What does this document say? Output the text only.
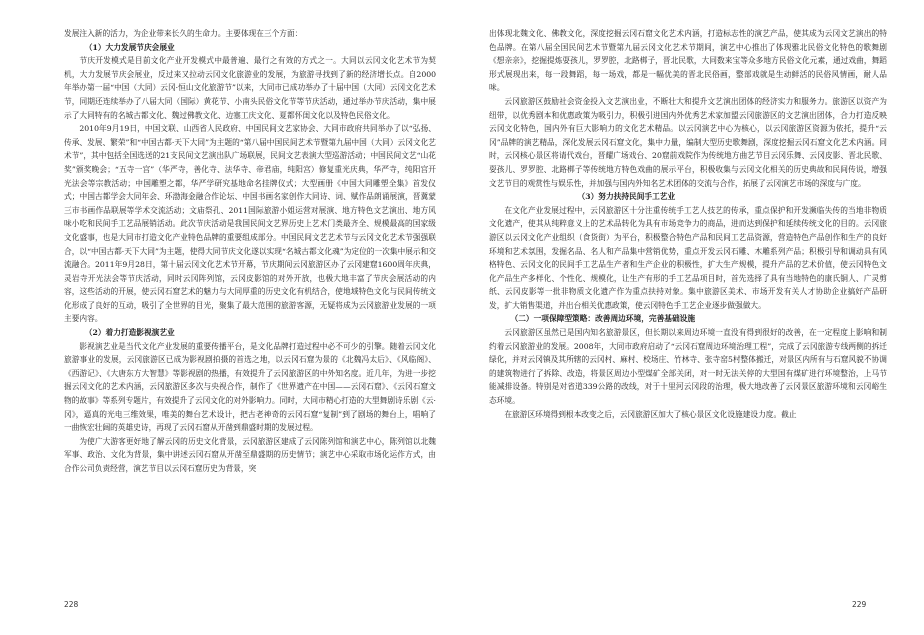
发展注入新的活力，为企业带来长久的生命力。主要体现在三个方面：

（1）大力发展节庆会展业

节庆开发模式是目前文化产业开发模式中最普遍、最行之有效的方式之一。大同以云冈文化艺术节为契机，大力发展节庆会展业，反过来又拉动云冈文化旅游业的发展，为旅游寻找到了新的经济增长点。自2000年举办第一届“中国（大同）云冈·恒山文化旅游节”以来，大同市已成功举办了十届中国（大同）云冈文化艺术节，同期还连续举办了八届大同（国际）黄花节、小南头民俗文化节等节庆活动，通过举办节庆活动，集中展示了大同特有的名城古都文化、魏过佛教文化、边塞工庆文化、夏都怀闺文化以及特色民俗文化。

2010年9月19日，中国文联、山西省人民政府、中国民间文艺家协会、大同市政府共同举办了以“弘扬、传承、发展、繁荣”和“中国古都·天下大同”为主题的“第八届中国民间艺术节暨第九届中国（大同）云冈文化艺术节”，其中包括全国选送的21支民间文艺演出队广场联展，民间文艺表演大型巡游活动；中国民间文艺“山花奖”颁奖晚会；“五寺一宫”（华严寺，善化寺、法华寺、帝君庙，纯阳宫）修复重光庆典，华严寺，纯阳宫开光法会等宗教活动；中国雕塑之都，华严学研究基地命名挂牌仪式；大型画册《中国大同雕塑全集》首发仪式；中国古都学会大同年会、环渤海金融合作论坛、中国书画名家创作大同诗、词、赋作品朗诵展演，晋冀蒙三市书画作品联展等学术交流活动；文庙祭孔、2011国际旅游小姐运营对展演、地方特色文艺演出、地方风味小吃和民间手工艺品展销活动。此次节庆活动是我国民间文艺界历史上艺术门类最齐全、规模最高的国家级文化盛事，也是大同市打造文化产业特色品牌的重要组成部分。中国民间文艺艺术节与云冈文化艺术节强强联合，以“中国古都·天下大同”为主题，使得大同节庆文化遂以实现“名城古都文化魂”为定位的一次集中展示和交流融合。2011年9月28日，第十届云冈文化艺术节开幕，节庆期间云冈旅游区办了云冈建窟1600周年庆典，灵岩寺开光法会等节庆活动，同时云冈阵列馆，云冈皮影馆的对外开放，也极大地丰富了节庆会展活动的内容，这些活动的开展，使云冈石窟艺术的魅力与大同厚重的历史文化有机结合，使地域特色文化与民间传统文化形成了良好的互动，吸引了全世界的目光，聚集了最大范围的旅游客源，无疑将成为云冈旅游业发展的一项主要内容。

（2）着力打造影视演艺业

影视演艺业是当代文化产业发展的重要传播平台，是文化品牌打造过程中必不可少的引擎。随着云冈文化旅游事业的发展，云冈旅游区已成为影视剧拍摄的首选之地，以云冈石窟为景的《北魏冯太后》、《风临阁》、《西游记》、《大唐东方大智慧》等影视剧的热播，有效提升了云冈旅游区的中外知名度。近几年，为进一步挖掘云冈文化的艺术内涵，云冈旅游区多次与央视合作，制作了《世界遗产在中国——云冈石窟》、《云冈石窟文物的故事》等系列专题片，有效提升了云冈文化的对外影响力。同时，大同市精心打造的大型舞剧诗乐剧《云·冈》，逼真的光电三维效果，唯美的舞台艺术设计，把古老神奇的云冈石窟“复制”到了剧场的舞台上，唱响了一曲恢宏壮阔的英雄史诗，再现了云冈石窟从开凿到鼎盛时期的发展过程。

为使广大游客更好地了解云冈的历史文化背景，云冈旅游区建成了云冈陈列馆和演艺中心，陈列馆以北魏军事、政治、文化为背景，集中讲述云冈石窟从开凿至鼎盛期的历史情节；演艺中心采取市场化运作方式，由合作公司负责经营，演艺节目以云冈石窟历史为背景，突

228

出体现北魏文化、佛教文化，深度挖掘云冈石窟文化艺术内涵，打造标志性的演艺产品，使其成为云冈文艺演出的特色品牌。在第八届全国民间艺术节暨第九届云冈文化艺术节期间，演艺中心推出了体现雅北民俗文化特色的歌舞剧《想亲亲》，挖掘提炼耍孩儿，罗罗腔，北路梆子，晋北民歌，大同数来宝等众多地方民俗文化元素，通过戏曲，舞蹈形式展现出来，每一段舞蹈，每一场戏，都是一幅优美的晋北民俗画，整部戏就是生动鲜活的民俗风情画，耐人品味。

云冈旅游区鼓励社会资金投入文艺演出业，不断壮大和提升文艺演出团体的经济实力和服务力。旅游区以资产为纽带，以优秀剧本和优惠政策为吸引力，积极引进国内外优秀艺术家加盟云冈旅游区的文艺演出团体，合力打造反映云冈文化特色，国内外有巨大影响力的文化艺术精品。以云冈演艺中心为核心，以云冈旅游区资源为依托，提升“云冈”品牌的演艺精品，深化发展云冈石窟文化，集中力量，编制大型历史歌舞剧，深度挖掘云冈石窟文化艺术内涵。同时，云冈核心景区将请代戏台，晋耀广场戏台、20窟前戏院作为传统地方曲艺节目云冈乐舞、云冈皮影、晋北民歌、耍孩儿、罗罗腔、北路梆子等传统地方特色戏曲的展示平台，积极收集与云冈文化相关的历史典故和民间传说，增强文艺节目的观赏性与娱乐性，并加强与国内外知名艺术团体的交流与合作，拓展了云冈演艺市场的深度与广度。

（3）努力扶持民间手工艺业

在文化产业发展过程中，云冈旅游区十分注重传统手工艺人技艺的传承，重点保护和开发濒临失传的当地非物质文化遗产，使其从纯粹意义上的艺术品转化为具有市场竞争力的商品，进而达到保护和延续传统文化的目的。云冈旅游区以云冈文化产业组织（食货街）为平台，积极整合特色产品和民间工艺品资源，营造特色产品创作和生产的良好环境和艺术氛围，发掘名品、名人和产品集中营销优势，重点开发云冈石雕、木雕系列产品；积极引导和调动具有风格特色、云冈文化的民间手工艺品生产者和生产企业的积极性，扩大生产规模，提升产品的艺术价值，使云冈特色文化产品生产多样化、个性化、规模化，让生产有形的手工艺品项目时，首先选择了具有当地特色的康氏铜人、广灵剪纸、云冈皮影等一批非物质文化遗产作为重点扶持对象。集中旅游区美术、市场开发有关人才协助企业搞好产品研发，扩大销售渠道，并出台相关优惠政策，使云冈特色手工艺企业逐步做强做大。

（二）一项保障型策略：改善周边环境，完善基础设施

云冈旅游区虽然已是国内知名旅游景区，但长期以来周边环境一直没有得到很好的改善，在一定程度上影响和制约着云冈旅游业的发展。2008年，大同市政府启动了“云冈石窟周边环境治理工程”，完成了云冈旅游专线两侧的拆迁绿化，并对云冈镇及其所辖的云冈村、麻村、校场庄、竹林寺、张寺窑5村整体搬迁，对景区内所有与石窟风貌不协调的建筑物进行了拆除、改造，将景区周边小型煤矿全部关闭，对一时无法关停的大型国有煤矿进行环境整治，上马节能减排设备。特别是对省道339公路的改线，对于十里河云冈段的治理，极大地改善了云冈景区旅游环境和云冈峪生态环境。

在旅游区环境得到根本改变之后，云冈旅游区加大了核心景区文化设施建设力度。截止

229
